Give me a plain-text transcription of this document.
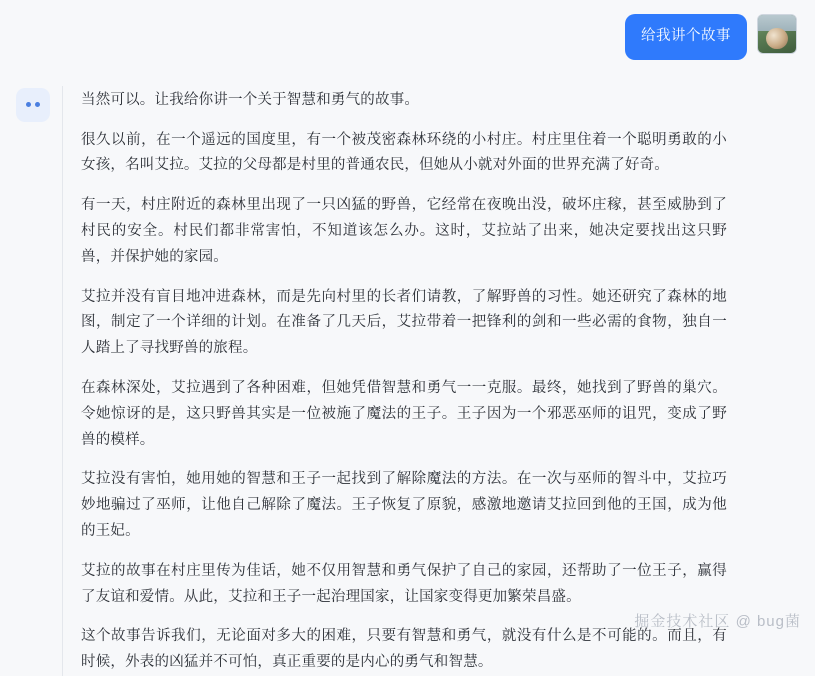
给我讲个故事

当然可以。让我给你讲一个关于智慧和勇气的故事。

很久以前，在一个遥远的国度里，有一个被茂密森林环绕的小村庄。村庄里住着一个聪明勇敢的小女孩，名叫艾拉。艾拉的父母都是村里的普通农民，但她从小就对外面的世界充满了好奇。

有一天，村庄附近的森林里出现了一只凶猛的野兽，它经常在夜晚出没，破坏庄稼，甚至威胁到了村民的安全。村民们都非常害怕，不知道该怎么办。这时，艾拉站了出来，她决定要找出这只野兽，并保护她的家园。

艾拉并没有盲目地冲进森林，而是先向村里的长者们请教，了解野兽的习性。她还研究了森林的地图，制定了一个详细的计划。在准备了几天后，艾拉带着一把锋利的剑和一些必需的食物，独自一人踏上了寻找野兽的旅程。

在森林深处，艾拉遇到了各种困难，但她凭借智慧和勇气一一克服。最终，她找到了野兽的巢穴。令她惊讶的是，这只野兽其实是一位被施了魔法的王子。王子因为一个邪恶巫师的诅咒，变成了野兽的模样。

艾拉没有害怕，她用她的智慧和王子一起找到了解除魔法的方法。在一次与巫师的智斗中，艾拉巧妙地骗过了巫师，让他自己解除了魔法。王子恢复了原貌，感激地邀请艾拉回到他的王国，成为他的王妃。

艾拉的故事在村庄里传为佳话，她不仅用智慧和勇气保护了自己的家园，还帮助了一位王子，赢得了友谊和爱情。从此，艾拉和王子一起治理国家，让国家变得更加繁荣昌盛。

这个故事告诉我们，无论面对多大的困难，只要有智慧和勇气，就没有什么是不可能的。而且，有时候，外表的凶猛并不可怕，真正重要的是内心的勇气和智慧。

掘金技术社区 @ bug菌
